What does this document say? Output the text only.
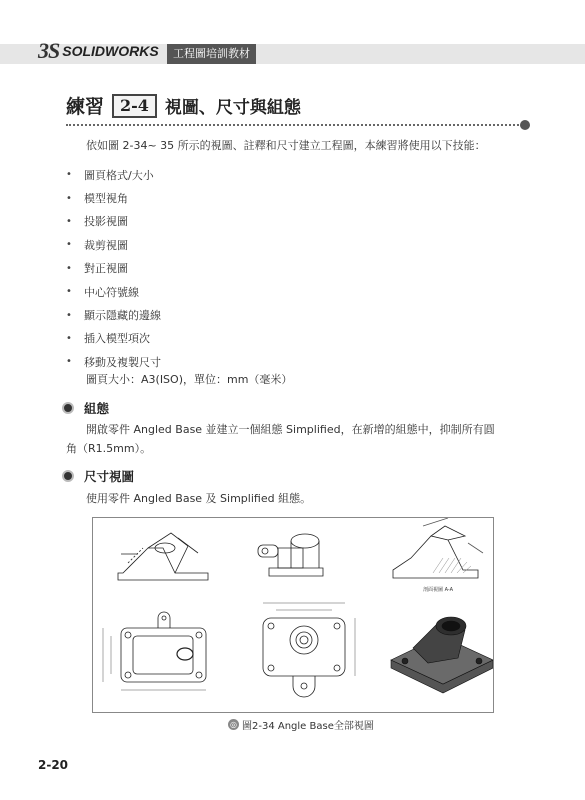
3S SOLIDWORKS	工程圖培訓教材
練習	2-4 視圖、尺寸與組態
依如圖 2-34~ 35 所示的視圖、註釋和尺寸建立工程圖，本練習將使用以下技能：
•	圖頁格式/大小
•	模型視角
•	投影視圖
•	裁剪視圖
•	對正視圖
•	中心符號線
•	顯示隱藏的邊線
•	插入模型項次
•	移動及複製尺寸
圖頁大小：A3(ISO)，單位：mm（毫米）
組態
開啟零件 Angled Base 並建立一個組態 Simplified，在新增的組態中，抑制所有圓
角（R1.5mm）。
尺寸視圖
使用零件 Angled Base 及 Simplified 組態。
剖面視圖 A-A
◎ 圖2-34 Angle Base全部視圖
2-20
